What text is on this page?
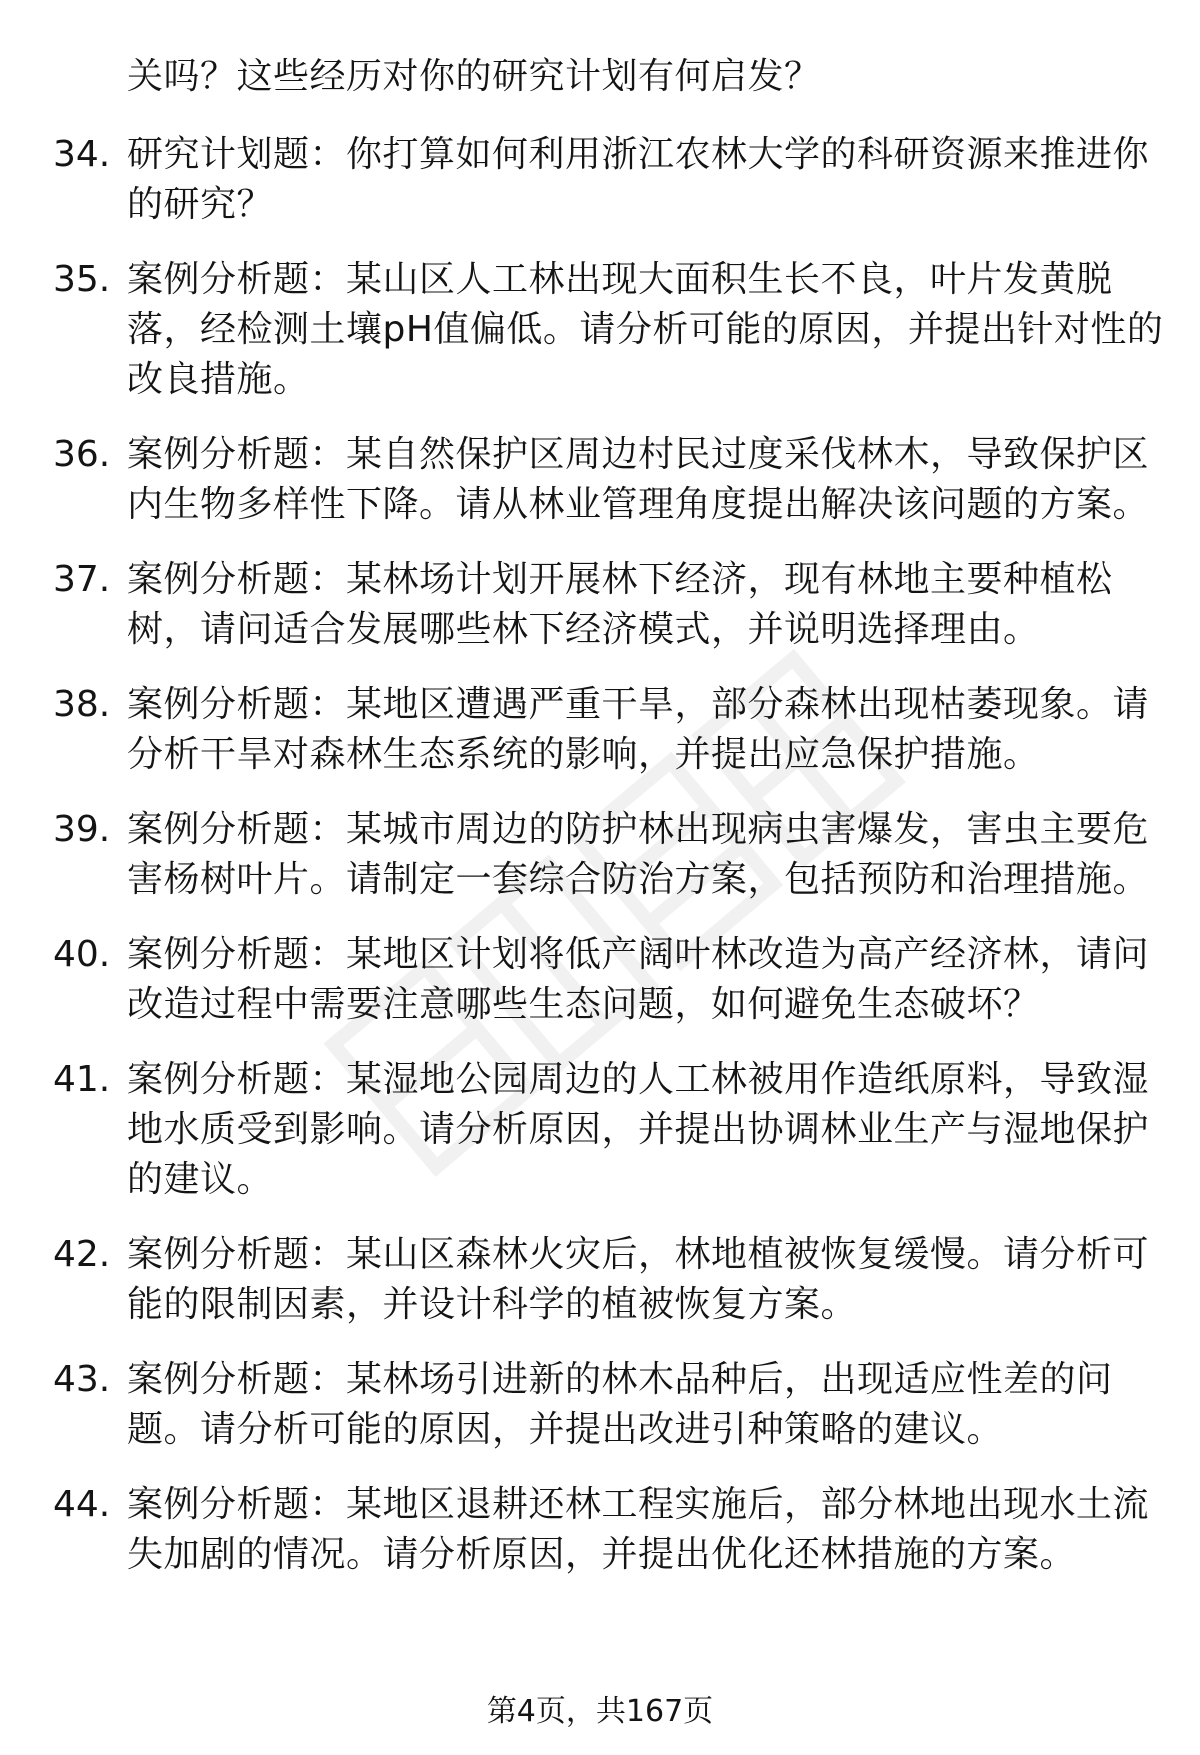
关吗？这些经历对你的研究计划有何启发？
34. 研究计划题：你打算如何利用浙江农林大学的科研资源来推进你
的研究？
35. 案例分析题：某山区人工林出现大面积生长不良，叶片发黄脱
落，经检测土壤pH值偏低。请分析可能的原因，并提出针对性的
改良措施。
36. 案例分析题：某自然保护区周边村民过度采伐林木，导致保护区
内生物多样性下降。请从林业管理角度提出解决该问题的方案。
37. 案例分析题：某林场计划开展林下经济，现有林地主要种植松
树，请问适合发展哪些林下经济模式，并说明选择理由。
38. 案例分析题：某地区遭遇严重干旱，部分森林出现枯萎现象。请
分析干旱对森林生态系统的影响，并提出应急保护措施。
39. 案例分析题：某城市周边的防护林出现病虫害爆发，害虫主要危
害杨树叶片。请制定一套综合防治方案，包括预防和治理措施。
40. 案例分析题：某地区计划将低产阔叶林改造为高产经济林，请问
改造过程中需要注意哪些生态问题，如何避免生态破坏？
41. 案例分析题：某湿地公园周边的人工林被用作造纸原料，导致湿
地水质受到影响。请分析原因，并提出协调林业生产与湿地保护
的建议。
42. 案例分析题：某山区森林火灾后，林地植被恢复缓慢。请分析可
能的限制因素，并设计科学的植被恢复方案。
43. 案例分析题：某林场引进新的林木品种后，出现适应性差的问
题。请分析可能的原因，并提出改进引种策略的建议。
44. 案例分析题：某地区退耕还林工程实施后，部分林地出现水土流
失加剧的情况。请分析原因，并提出优化还林措施的方案。
第4页，共167页
